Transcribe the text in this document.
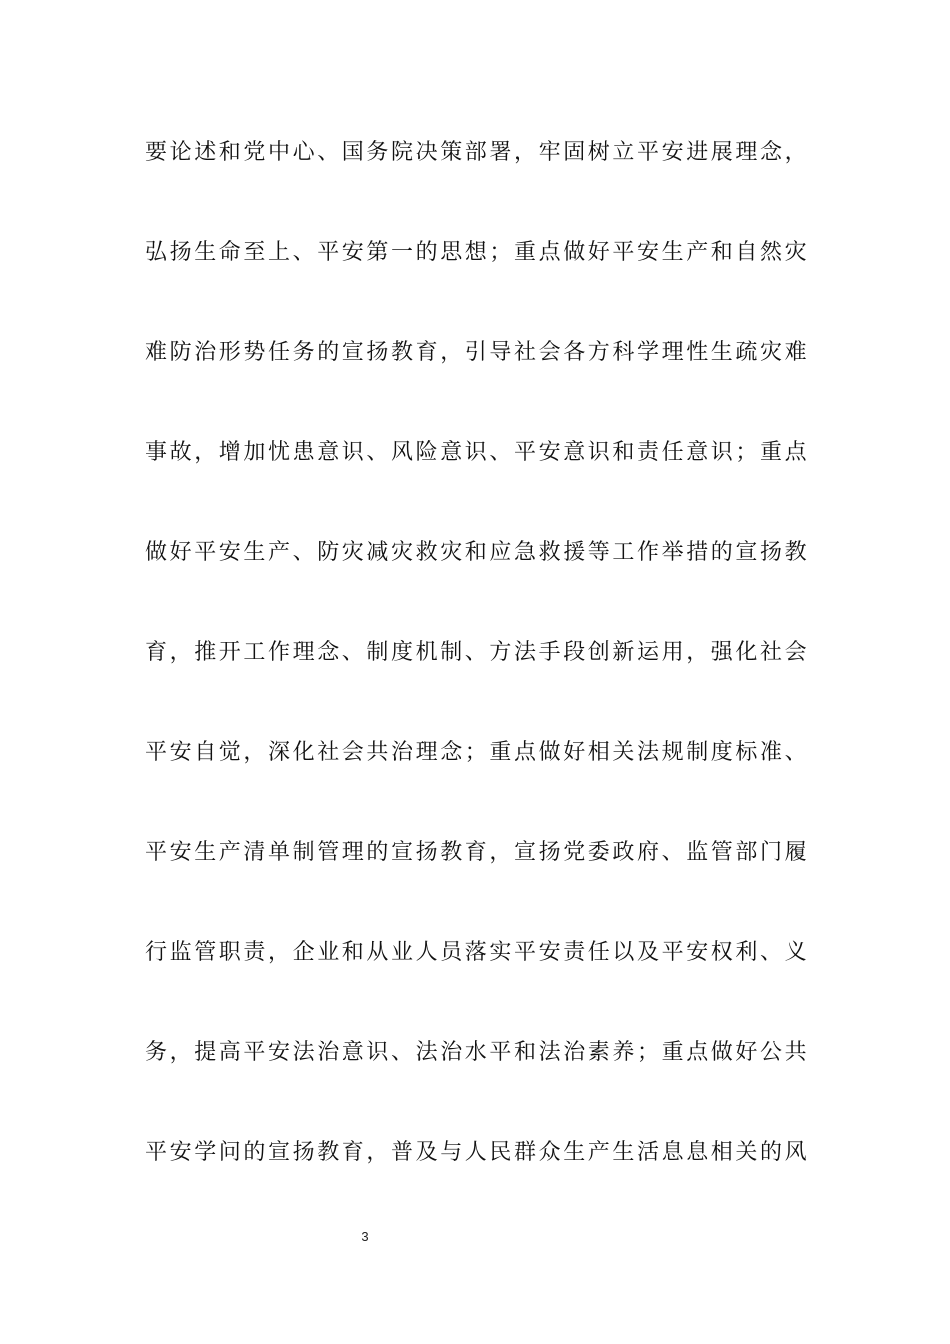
要论述和党中心、国务院决策部署，牢固树立平安进展理念，
弘扬生命至上、平安第一的思想；重点做好平安生产和自然灾
难防治形势任务的宣扬教育，引导社会各方科学理性生疏灾难
事故，增加忧患意识、风险意识、平安意识和责任意识；重点
做好平安生产、防灾减灾救灾和应急救援等工作举措的宣扬教
育，推开工作理念、制度机制、方法手段创新运用，强化社会
平安自觉，深化社会共治理念；重点做好相关法规制度标准、
平安生产清单制管理的宣扬教育，宣扬党委政府、监管部门履
行监管职责，企业和从业人员落实平安责任以及平安权利、义
务，提高平安法治意识、法治水平和法治素养；重点做好公共
平安学问的宣扬教育，普及与人民群众生产生活息息相关的风
3
